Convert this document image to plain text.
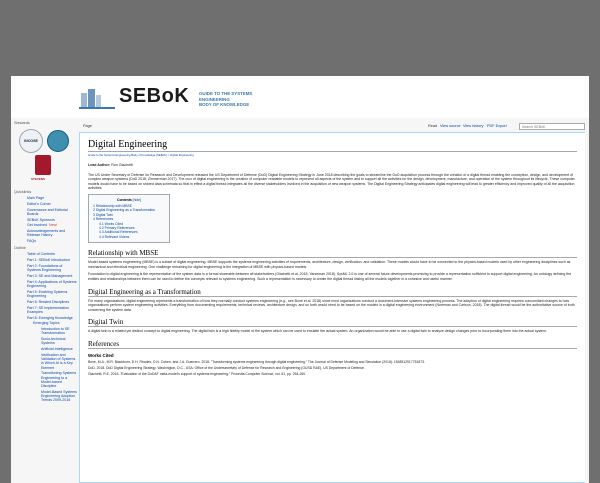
SEBoK GUIDE TO THE SYSTEMS ENGINEERING
BODY OF KNOWLEDGE
Stewards
INCOSE
STEVENS
Quicklinks
Main Page
Editor's Corner
Governance and Editorial Boards
SEBoK Sponsors
Get involved New!
Acknowledgements and Release History
FAQs
Outline
Table of Contents
Part 1: SEBoK Introduction
Part 2: Foundations of Systems Engineering
Part 3: SE and Management
Part 4: Applications of Systems Engineering
Part 5: Enabling Systems Engineering
Part 6: Related Disciplines
Part 7: SE Implementation Examples
Part 8: Emerging Knowledge
Emerging Topics
Introduction to SE Transformation
Socio-technical Systems
Artificial Intelligence
Verification and Validation of Systems in Which AI is a Key Element
Transitioning Systems Engineering to a Model-based Discipline
Model-Based Systems Engineering Adoption Trends 2009-2018
Page	Read View source View history PDF Export	Search SEBoK
Digital Engineering
Guide to the Systems Engineering Body of Knowledge (SEBoK) > Digital Engineering
Lead Author: Ron Giachetti
The US Under Secretary of Defense for Research and Development released the US Department of Defense (DoD) Digital Engineering Strategy in June 2018 describing the goals to streamline the DoD acquisition process through the creation of a digital thread enabling the conception, design, and development of complex weapon systems (DoD 2018; Zimmerman 2017). The crux of digital engineering is the creation of computer readable models to represent all aspects of the system and to support all the activities for the design, development, manufacture, and operation of the system throughout its lifecycle. These computer models would have to be based on shared data schemata so that in effect a digital thread integrates all the diverse stakeholders involved in the acquisition of new weapon systems. The Digital Engineering Strategy anticipates digital engineering will lead to greater efficiency and improved quality of all the acquisition activities.
Contents [hide]
1 Relationship with MBSE
2 Digital Engineering as a Transformation
3 Digital Twin
4 References
4.1 Works Cited
4.2 Primary References
4.3 Additional References
4.4 Relevant Videos
Relationship with MBSE
Model-based systems engineering (MBSE) is a subset of digital engineering. MBSE supports the systems engineering activities of requirements, architecture, design, verification, and validation. These models would have to be connected to the physics-based models used by other engineering disciplines such as mechanical and electrical engineering. One challenge remaining for digital engineering is the integration of MBSE with physics-based models.
Foundation to digital engineering is the representation of the system data in a formal shareable between all stakeholders (Giachetti et al. 2015; Yarseman 2018). SysML 2.0 is one of several future developments promising to provide a representation sufficient to support digital engineering. An ontology defining the entities and relationships between them can be used to define the concepts relevant to systems engineering. Such a representation is necessary to create the digital thread linking all the models together in a cohesive and useful manner.
Digital Engineering as a Transformation
For many organizations, digital engineering represents a transformation of how they normally conduct systems engineering (e.g., see Bone et al. 2018) since most organizations conduct a document-intensive systems engineering process. The adoption of digital engineering requires concomitant changes to how organizations perform system engineering activities. Everything from documenting requirements, technical reviews, architecture design, and so forth would need to be based on the models in a digital engineering environment (Noreman and Carlson, 2018). The digital thread would be the authoritative source of truth concerning the system data.
Digital Twin
A digital twin is a related yet distinct concept to digital engineering. The digital twin is a high fidelity model of the system which can be used to emulate the actual system. An organization would be able to use a digital twin to analyze design changes prior to incorporating them into the actual system.
References
Works Cited
Bone, M.A., M.R. Blackburn, D.H. Rhodes, D.N. Cohen, and J.A. Guerrero. 2018. "Transforming systems engineering through digital engineering." The Journal of Defense Modeling and Simulation (2018): 1548512917751873.
DoD. 2018. DoD Digital Engineering Strategy. Washington, D.C., USA: Office of the Undersecretary of Defense for Research and Engineering (OUSD R&E), US Department of Defense.
Giachetti, R.E. 2015. "Evaluation of the DoDAF meta-model's support of systems engineering." Procedia Computer Science, vol. 61, pp. 254-260.
